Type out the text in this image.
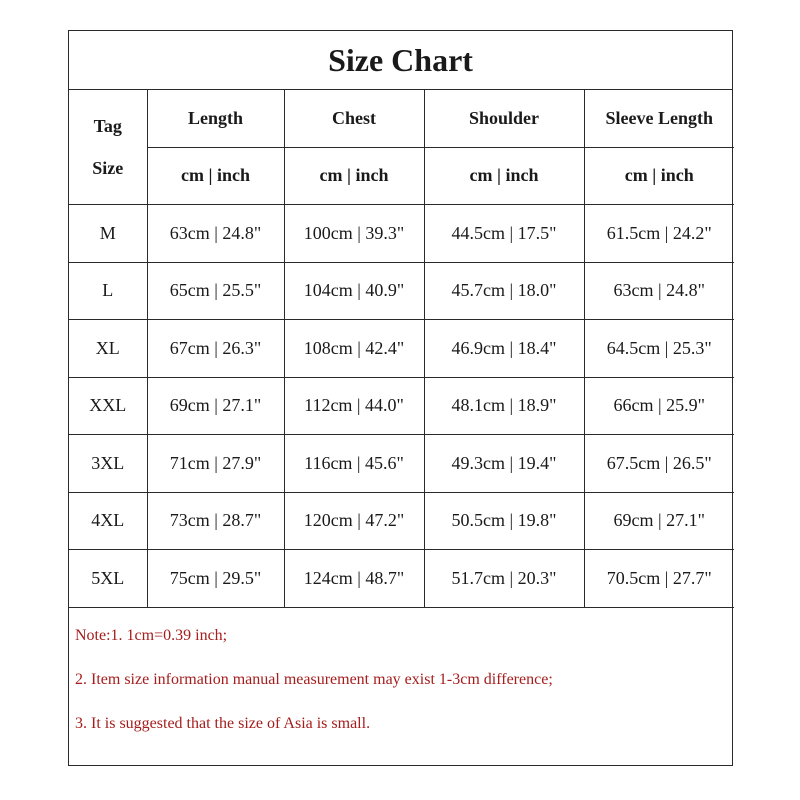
Size Chart
Tag
Size	Length	Chest	Shoulder	Sleeve Length
	cm | inch	cm | inch	cm | inch	cm | inch
M	63cm | 24.8"	100cm | 39.3"	44.5cm | 17.5"	61.5cm | 24.2"
L	65cm | 25.5"	104cm | 40.9"	45.7cm | 18.0"	63cm | 24.8"
XL	67cm | 26.3"	108cm | 42.4"	46.9cm | 18.4"	64.5cm | 25.3"
XXL	69cm | 27.1"	112cm | 44.0"	48.1cm | 18.9"	66cm | 25.9"
3XL	71cm | 27.9"	116cm | 45.6"	49.3cm | 19.4"	67.5cm | 26.5"
4XL	73cm | 28.7"	120cm | 47.2"	50.5cm | 19.8"	69cm | 27.1"
5XL	75cm | 29.5"	124cm | 48.7"	51.7cm | 20.3"	70.5cm | 27.7"
Note:1. 1cm=0.39 inch;
2. Item size information manual measurement may exist 1-3cm difference;
3. It is suggested that the size of Asia is small.
